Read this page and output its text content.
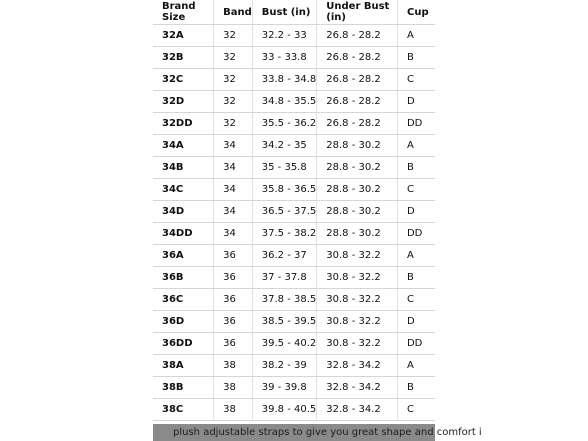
Brand Size	Band	Bust (in)	Under Bust (in)	Cup
32A	32	32.2 - 33	26.8 - 28.2	A
32B	32	33 - 33.8	26.8 - 28.2	B
32C	32	33.8 - 34.8	26.8 - 28.2	C
32D	32	34.8 - 35.5	26.8 - 28.2	D
32DD	32	35.5 - 36.2	26.8 - 28.2	DD
34A	34	34.2 - 35	28.8 - 30.2	A
34B	34	35 - 35.8	28.8 - 30.2	B
34C	34	35.8 - 36.5	28.8 - 30.2	C
34D	34	36.5 - 37.5	28.8 - 30.2	D
34DD	34	37.5 - 38.2	28.8 - 30.2	DD
36A	36	36.2 - 37	30.8 - 32.2	A
36B	36	37 - 37.8	30.8 - 32.2	B
36C	36	37.8 - 38.5	30.8 - 32.2	C
36D	36	38.5 - 39.5	30.8 - 32.2	D
36DD	36	39.5 - 40.2	30.8 - 32.2	DD
38A	38	38.2 - 39	32.8 - 34.2	A
38B	38	39 - 39.8	32.8 - 34.2	B
38C	38	39.8 - 40.5	32.8 - 34.2	C
plush adjustable straps to give you great shape and comfort i
